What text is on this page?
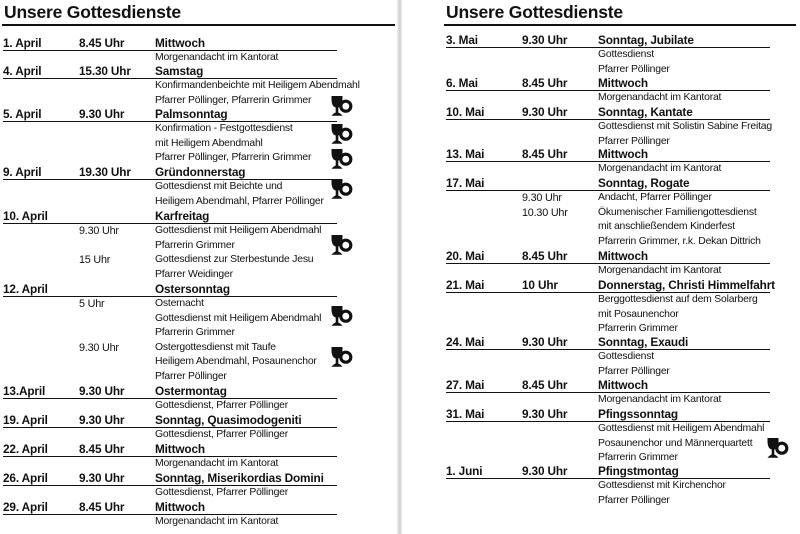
Unsere Gottesdienste
1. April	8.45 Uhr	Mittwoch
Morgenandacht im Kantorat
4. April	15.30 Uhr Samstag
Konfirmandenbeichte mit Heiligem Abendmahl
Pfarrer Pöllinger, Pfarrerin Grimmer
5. April	9.30 Uhr	Palmsonntag
Konfirmation - Festgottesdienst
mit Heiligem Abendmahl
Pfarrer Pöllinger, Pfarrerin Grimmer
9. April	19.30 Uhr Gründonnerstag
Gottesdienst mit Beichte und
Heiligem Abendmahl, Pfarrer Pöllinger
10. April	Karfreitag
9.30 Uhr	Gottesdienst mit Heiligem Abendmahl
Pfarrerin Grimmer
15 Uhr	Gottesdienst zur Sterbestunde Jesu
Pfarrer Weidinger
12. April	Ostersonntag
5 Uhr	Osternacht
Gottesdienst mit Heiligem Abendmahl
Pfarrerin Grimmer
9.30 Uhr	Ostergottesdienst mit Taufe
Heiligem Abendmahl, Posaunenchor
Pfarrer Pöllinger
13.April	9.30 Uhr	Ostermontag
Gottesdienst, Pfarrer Pöllinger
19. April	9.30 Uhr	Sonntag, Quasimodogeniti
Gottesdienst, Pfarrer Pöllinger
22. April	8.45 Uhr	Mittwoch
Morgenandacht im Kantorat
26. April	9.30 Uhr	Sonntag, Miserikordias Domini
Gottesdienst, Pfarrer Pöllinger
29. April	8.45 Uhr	Mittwoch
Morgenandacht im Kantorat
Unsere Gottesdienste
3. Mai	9.30 Uhr	Sonntag, Jubilate
Gottesdienst
Pfarrer Pöllinger
6. Mai	8.45 Uhr	Mittwoch
Morgenandacht im Kantorat
10. Mai	9.30 Uhr	Sonntag, Kantate
Gottesdienst mit Solistin Sabine Freitag
Pfarrer Pöllinger
13. Mai	8.45 Uhr	Mittwoch
Morgenandacht im Kantorat
17. Mai	Sonntag, Rogate
9.30 Uhr	Andacht, Pfarrer Pöllinger
10.30 Uhr	Ökumenischer Familiengottesdienst
mit anschließendem Kinderfest
Pfarrerin Grimmer, r.k. Dekan Dittrich
20. Mai	8.45 Uhr	Mittwoch
Morgenandacht im Kantorat
21. Mai	10 Uhr	Donnerstag, Christi Himmelfahrt
Berggottesdienst auf dem Solarberg
mit Posaunenchor
Pfarrerin Grimmer
24. Mai	9.30 Uhr	Sonntag, Exaudi
Gottesdienst
Pfarrer Pöllinger
27. Mai	8.45 Uhr	Mittwoch
Morgenandacht im Kantorat
31. Mai	9.30 Uhr	Pfingssonntag
Gottesdienst mit Heiligem Abendmahl
Posaunenchor und Männerquartett
Pfarrerin Grimmer
1. Juni	9.30 Uhr	Pfingstmontag
Gottesdienst mit Kirchenchor
Pfarrer Pöllinger
